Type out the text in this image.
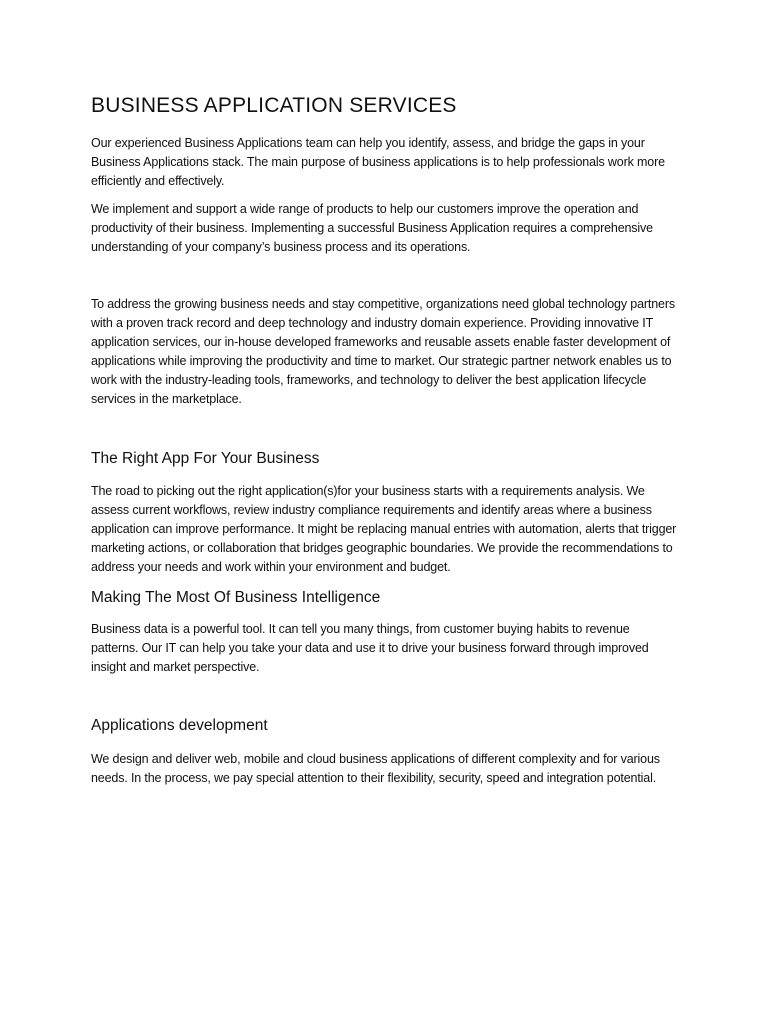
BUSINESS APPLICATION SERVICES

Our experienced Business Applications team can help you identify, assess, and bridge the gaps in your Business Applications stack. The main purpose of business applications is to help professionals work more efficiently and effectively.

We implement and support a wide range of products to help our customers improve the operation and productivity of their business. Implementing a successful Business Application requires a comprehensive understanding of your company’s business process and its operations.

To address the growing business needs and stay competitive, organizations need global technology partners with a proven track record and deep technology and industry domain experience. Providing innovative IT application services, our in-house developed frameworks and reusable assets enable faster development of applications while improving the productivity and time to market. Our strategic partner network enables us to work with the industry-leading tools, frameworks, and technology to deliver the best application lifecycle services in the marketplace.

The Right App For Your Business

The road to picking out the right application(s)for your business starts with a requirements analysis. We assess current workflows, review industry compliance requirements and identify areas where a business application can improve performance. It might be replacing manual entries with automation, alerts that trigger marketing actions, or collaboration that bridges geographic boundaries. We provide the recommendations to address your needs and work within your environment and budget.

Making The Most Of Business Intelligence

Business data is a powerful tool. It can tell you many things, from customer buying habits to revenue patterns. Our IT can help you take your data and use it to drive your business forward through improved insight and market perspective.

Applications development

We design and deliver web, mobile and cloud business applications of different complexity and for various needs. In the process, we pay special attention to their flexibility, security, speed and integration potential.
